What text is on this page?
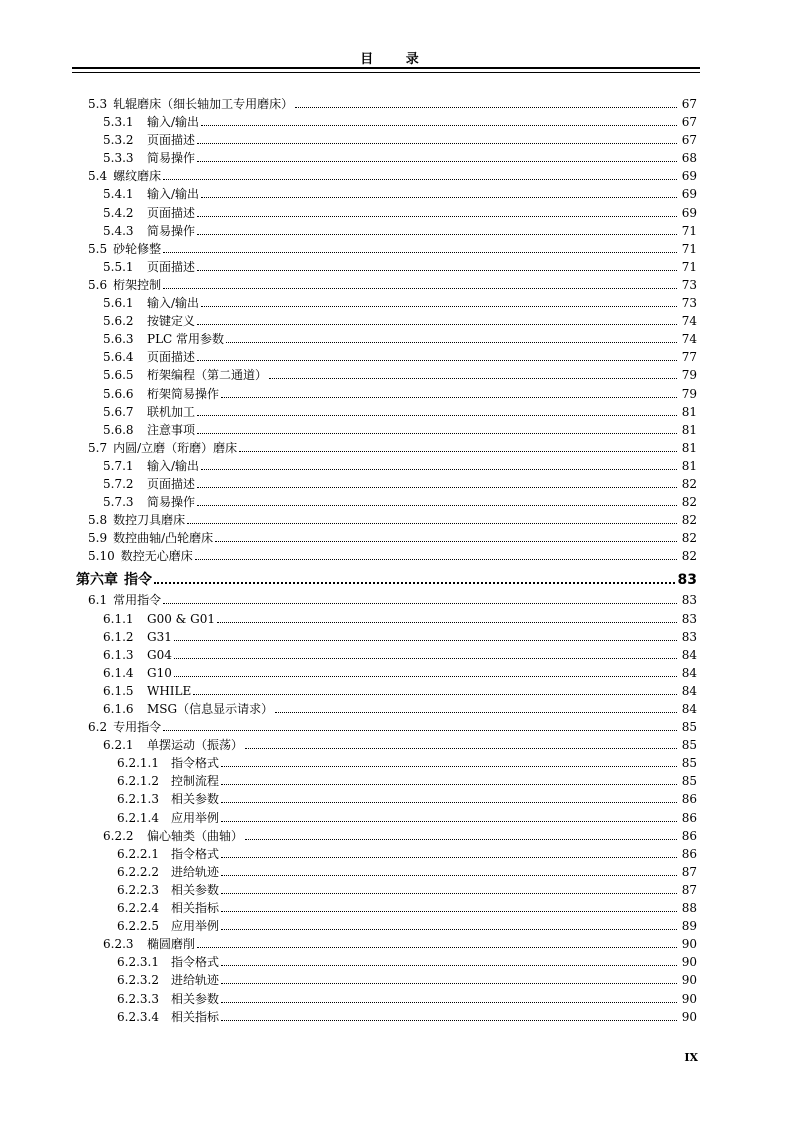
目 录
5.3 轧辊磨床（细长轴加工专用磨床）	67
5.3.1	输入/输出	67
5.3.2	页面描述	67
5.3.3	简易操作	68
5.4 螺纹磨床	69
5.4.1	输入/输出	69
5.4.2	页面描述	69
5.4.3	简易操作	71
5.5 砂轮修整	71
5.5.1	页面描述	71
5.6 桁架控制	73
5.6.1	输入/输出	73
5.6.2	按键定义	74
5.6.3	PLC 常用参数	74
5.6.4	页面描述	77
5.6.5	桁架编程（第二通道）	79
5.6.6	桁架简易操作	79
5.6.7	联机加工	81
5.6.8	注意事项	81
5.7 内圆/立磨（珩磨）磨床	81
5.7.1	输入/输出	81
5.7.2	页面描述	82
5.7.3	简易操作	82
5.8 数控刀具磨床	82
5.9 数控曲轴/凸轮磨床	82
5.10 数控无心磨床	82
第六章 指令	83
6.1 常用指令	83
6.1.1	G00 & G01	83
6.1.2	G31	83
6.1.3	G04	84
6.1.4	G10	84
6.1.5	WHILE	84
6.1.6	MSG（信息显示请求）	84
6.2 专用指令	85
6.2.1	单摆运动（振荡）	85
6.2.1.1	指令格式	85
6.2.1.2	控制流程	85
6.2.1.3	相关参数	86
6.2.1.4	应用举例	86
6.2.2	偏心轴类（曲轴）	86
6.2.2.1	指令格式	86
6.2.2.2	进给轨迹	87
6.2.2.3	相关参数	87
6.2.2.4	相关指标	88
6.2.2.5	应用举例	89
6.2.3	椭圆磨削	90
6.2.3.1	指令格式	90
6.2.3.2	进给轨迹	90
6.2.3.3	相关参数	90
6.2.3.4	相关指标	90
IX
